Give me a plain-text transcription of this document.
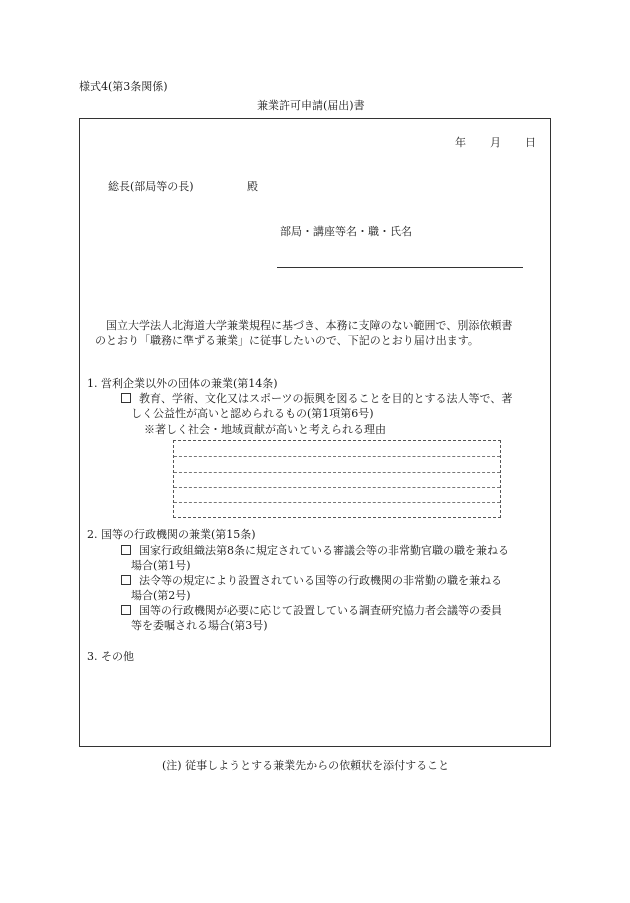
様式4(第3条関係)
兼業許可申請(届出)書
年 月 日
総長(部局等の長)	殿
部局・講座等名・職・氏名
国立大学法人北海道大学兼業規程に基づき、本務に支障のない範囲で、別添依頼書
のとおり「職務に準ずる兼業」に従事したいので、下記のとおり届け出ます。
1. 営利企業以外の団体の兼業(第14条)
教育、学術、文化又はスポーツの振興を図ることを目的とする法人等で、著
しく公益性が高いと認められるもの(第1項第6号)
※著しく社会・地域貢献が高いと考えられる理由
2. 国等の行政機関の兼業(第15条)
国家行政組織法第8条に規定されている審議会等の非常勤官職の職を兼ねる
場合(第1号)
法令等の規定により設置されている国等の行政機関の非常勤の職を兼ねる
場合(第2号)
国等の行政機関が必要に応じて設置している調査研究協力者会議等の委員
等を委嘱される場合(第3号)
3. その他
(注) 従事しようとする兼業先からの依頼状を添付すること
